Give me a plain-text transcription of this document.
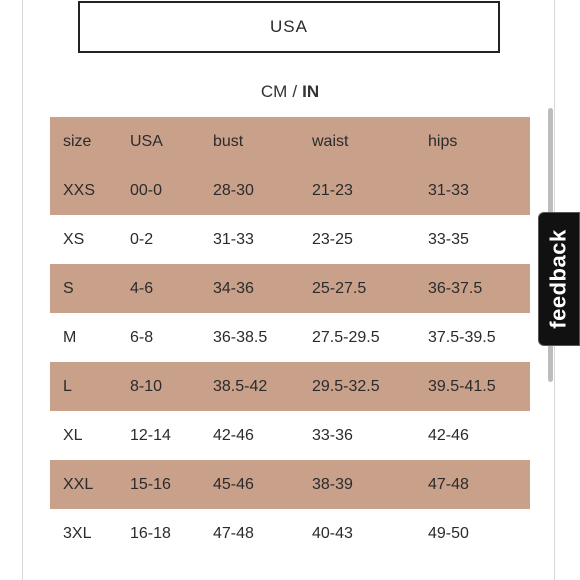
USA
CM / IN
size	USA	bust	waist	hips
XXS	00-0	28-30	21-23	31-33
XS	0-2	31-33	23-25	33-35
S	4-6	34-36	25-27.5	36-37.5
M	6-8	36-38.5	27.5-29.5	37.5-39.5
L	8-10	38.5-42	29.5-32.5	39.5-41.5
XL	12-14	42-46	33-36	42-46
XXL	15-16	45-46	38-39	47-48
3XL	16-18	47-48	40-43	49-50
feedback
